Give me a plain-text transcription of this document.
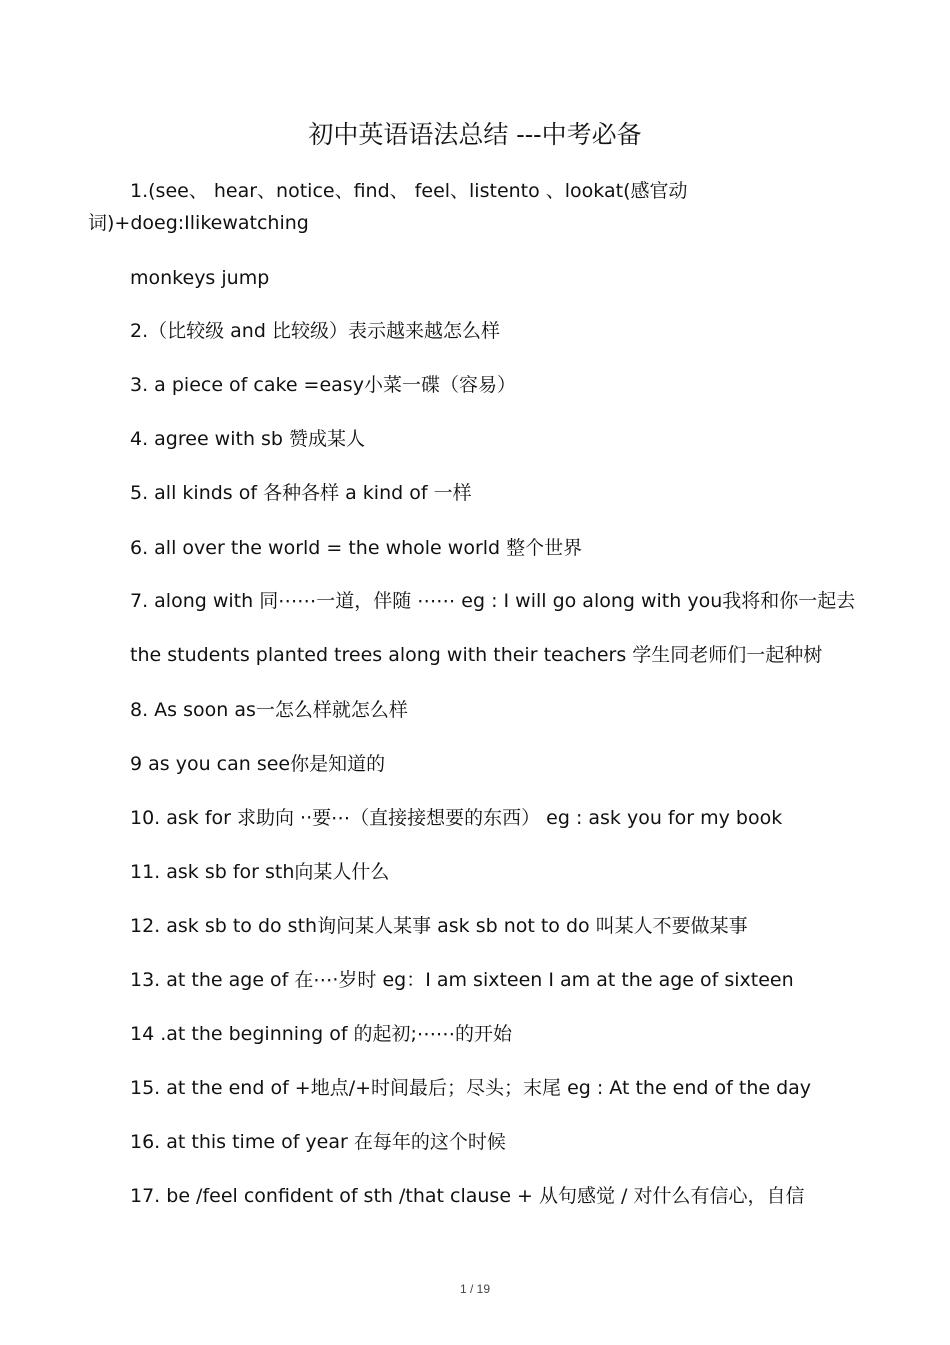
初中英语语法总结 ---中考必备
1.(see、 hear、notice、find、 feel、listento 、lookat(感官动
词)+doeg:Ilikewatching
monkeys jump
2.（比较级 and 比较级）表示越来越怎么样
3. a piece of cake =easy小菜一碟（容易）
4. agree with sb 赞成某人
5. all kinds of 各种各样 a kind of 一样
6. all over the world = the whole world 整个世界
7. along with 同⋯⋯一道，伴随 ⋯⋯ eg : I will go along with you我将和你一起去
the students planted trees along with their teachers 学生同老师们一起种树
8. As soon as一怎么样就怎么样
9 as you can see你是知道的
10. ask for 求助向 ··要⋯（直接接想要的东西） eg : ask you for my book
11. ask sb for sth向某人什么
12. ask sb to do sth询问某人某事 ask sb not to do 叫某人不要做某事
13. at the age of 在⋯·岁时 eg：I am sixteen I am at the age of sixteen
14 .at the beginning of 的起初;⋯⋯的开始
15. at the end of +地点/+时间最后；尽头；末尾 eg : At the end of the day
16. at this time of year 在每年的这个时候
17. be /feel confident of sth /that clause + 从句感觉 / 对什么有信心，自信
1 / 19
